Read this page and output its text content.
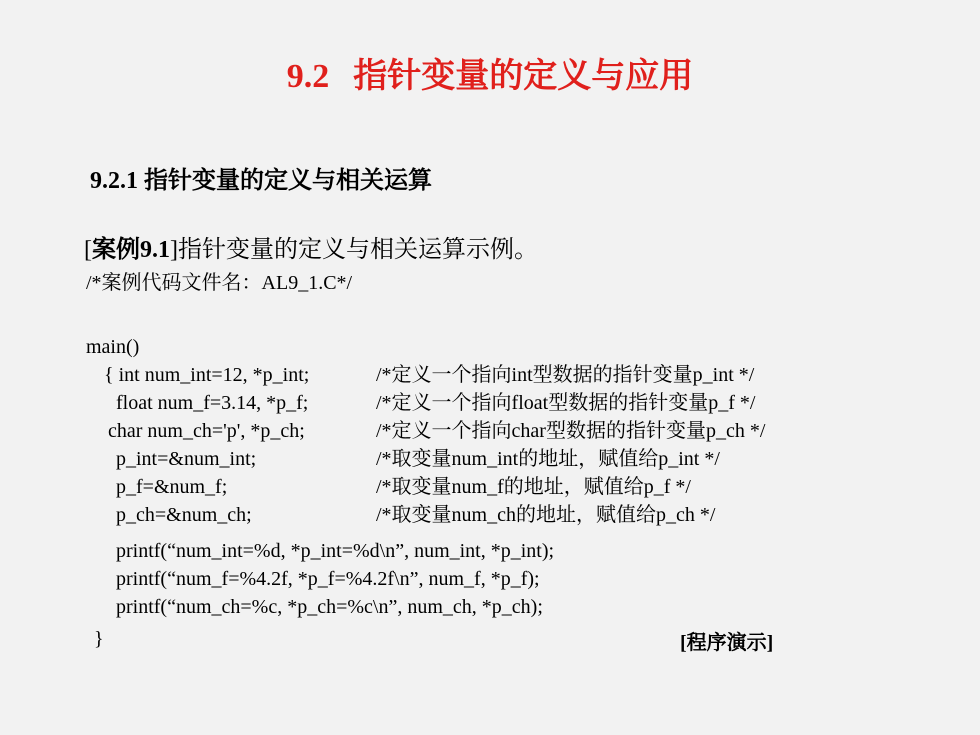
9.2 指针变量的定义与应用
9.2.1 指针变量的定义与相关运算
[案例9.1]指针变量的定义与相关运算示例。
/*案例代码文件名：AL9_1.C*/
main()
{ int num_int=12, *p_int;	/*定义一个指向int型数据的指针变量p_int */
float num_f=3.14, *p_f;	/*定义一个指向float型数据的指针变量p_f */
char num_ch='p', *p_ch;	/*定义一个指向char型数据的指针变量p_ch */
p_int=&num_int;	/*取变量num_int的地址，赋值给p_int */
p_f=&num_f;	/*取变量num_f的地址，赋值给p_f */
p_ch=&num_ch;	/*取变量num_ch的地址，赋值给p_ch */
printf(“num_int=%d, *p_int=%d\n”, num_int, *p_int);
printf(“num_f=%4.2f, *p_f=%4.2f\n”, num_f, *p_f);
printf(“num_ch=%c, *p_ch=%c\n”, num_ch, *p_ch);
}	[程序演示]
